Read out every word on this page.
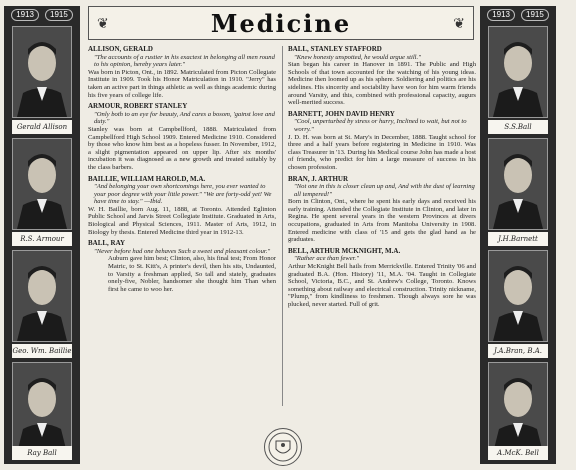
1913	1915
Gerald Allison
R.S. Armour
Geo. Wm. Baillie
Ray Ball
1913	1915
S.S.Ball
J.H.Barnett
J.A.Bran, B.A.
A.McK. Bell
❦	Medicine	❦
ALLISON, GERALD
"The accounts of a rustier in his exactest in belonging all men round to his opinion, hereby years later."
Was born in Picton, Ont., in 1892. Matriculated from Picton Collegiate Institute in 1909. Took his Honor Matriculation in 1910. "Jerry" has taken an active part in things athletic as well as things academic during his five years of college life.
ARMOUR, ROBERT STANLEY
"Only both to an eye for beauty, And cares a bosom, 'gainst love and duty."
Stanley was born at Campbellford, 1888. Matriculated from Campbellford High School 1909. Entered Medicine 1910. Considered by those who know him best as a hopeless fusser. In November, 1912, a slight pigmentation appeared on upper lip. After six months' incubation it was diagnosed as a new growth and treated suitably by the class barbers.
BAILLIE, WILLIAM HAROLD, M.A.
"And belonging your own shortcomings here, you ever wanted to your poor degree with your little power." "We are forty-odd yet! We have time to stay." —Ibid.
W. H. Baillie, born Aug. 11, 1888, at Toronto. Attended Eglinton Public School and Jarvis Street Collegiate Institute. Graduated in Arts, Biological and Physical Sciences, 1911. Master of Arts, 1912, in Biology by thesis. Entered Medicine third year in 1912-13.
BALL, RAY
"Never before had one behaves Such a sweet and pleasant colour."
Auburn gave him best; Clinton, also, his final test; From Honor Matric, to St. Kitt's, A printer's devil, then his sits, Undaunted, to Varsity a freshman applied, So tall and stately, graduates onely-five, Nobler, handsomer she thought him Than when first he came to woo her.
BALL, STANLEY STAFFORD
"Knew honesty unspotted, he would argue still."
Stan began his career in Hanover in 1891. The Public and High Schools of that town accounted for the watching of his young ideas. Medicine then loomed up as his sphere. Soldiering and politics are his sidelines. His sincerity and sociability have won for him warm friends around Varsity, and this, combined with professional capacity, augurs well-merited success.
BARNETT, JOHN DAVID HENRY
"Cool, unperturbed by stress or hurry, Inclined to wait, but not to worry."
J. D. H. was born at St. Mary's in December, 1888. Taught school for three and a half years before registering in Medicine in 1910. Was class Treasurer in '13. During his Medical course John has made a host of friends, who predict for him a large measure of success in his chosen profession.
BRAN, J. ARTHUR
"Not one in this is closer clean up and, And with the dust of learning all tempered!"
Born in Clinton, Ont., where he spent his early days and received his early training. Attended the Collegiate Institute in Clinton, and later in Regina. He spent several years in the western Provinces at divers occupations, graduated in Arts from Manitoba University in 1908. Entered medicine with class of '15 and gets the glad hand as he graduates.
BELL, ARTHUR MCKNIGHT, M.A.
"Rather ace than fewer."
Arthur McKnight Bell hails from Merrickville. Entered Trinity '06 and graduated B.A. (Hon. History) '11, M.A. '04. Taught in Collegiate School, Victoria, B.C., and St. Andrew's College, Toronto. Knows something about railway and electrical construction. Trinity nickname, "Plump," from kindliness to freshmen. Though always sore he was plucked, never started. Full of grit.
